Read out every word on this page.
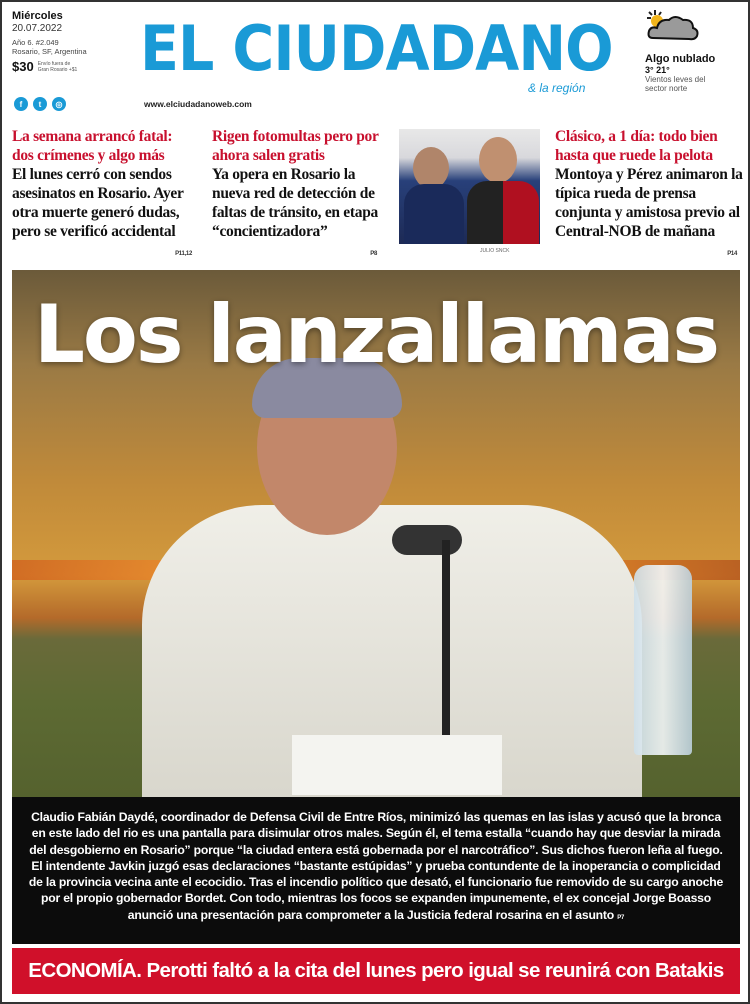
Miércoles
20.07.2022
Año 6. #2.049
Rosario, SF, Argentina
$30 Envío fuera de Gran Rosario +$1
f	t	◎
EL CIUDADANO
& la región
www.elciudadanoweb.com
Algo nublado
3° 21°
Vientos leves del sector norte
La semana arrancó fatal: dos crímenes y algo más
El lunes cerró con sendos asesinatos en Rosario. Ayer otra muerte generó dudas, pero se verificó accidental
P11,12
Rigen fotomultas pero por ahora salen gratis
Ya opera en Rosario la nueva red de detección de faltas de tránsito, en etapa “concientizadora”
P8	JULIO SNCK
Clásico, a 1 día: todo bien hasta que ruede la pelota
Montoya y Pérez animaron la típica rueda de prensa conjunta y amistosa previo al Central-NOB de mañana
P14
Los lanzallamas
Claudio Fabián Daydé, coordinador de Defensa Civil de Entre Ríos, minimizó las quemas en las islas y acusó que la bronca en este lado del rio es una pantalla para disimular otros males. Según él, el tema estalla “cuando hay que desviar la mirada del desgobierno en Rosario” porque “la ciudad entera está gobernada por el narcotráfico”. Sus dichos fueron leña al fuego. El intendente Javkin juzgó esas declaraciones “bastante estúpidas” y prueba contundente de la inoperancia o complicidad de la provincia vecina ante el ecocidio. Tras el incendio político que desató, el funcionario fue removido de su cargo anoche por el propio gobernador Bordet. Con todo, mientras los focos se expanden impunemente, el ex concejal Jorge Boasso anunció una presentación para comprometer a la Justicia federal rosarina en el asunto P7
ECONOMÍA. Perotti faltó a la cita del lunes pero igual se reunirá con Batakis
